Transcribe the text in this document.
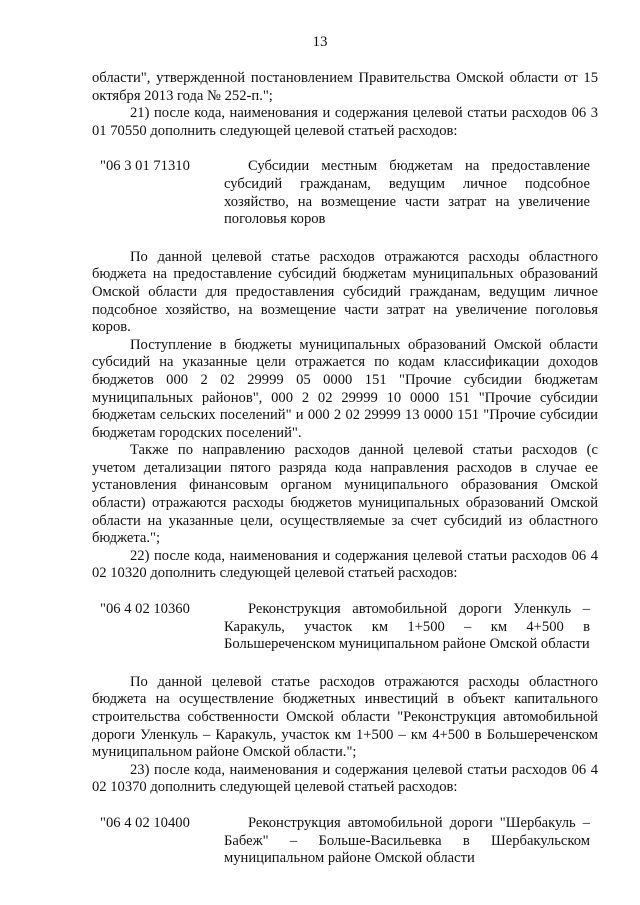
13

области", утвержденной постановлением Правительства Омской области от 15 октября 2013 года № 252-п.";

21) после кода, наименования и содержания целевой статьи расходов 06 3 01 70550 дополнить следующей целевой статьей расходов:

"06 3 01 71310	Субсидии местным бюджетам на предоставление субсидий гражданам, ведущим личное подсобное хозяйство, на возмещение части затрат на увеличение поголовья коров

По данной целевой статье расходов отражаются расходы областного бюджета на предоставление субсидий бюджетам муниципальных образований Омской области для предоставления субсидий гражданам, ведущим личное подсобное хозяйство, на возмещение части затрат на увеличение поголовья коров.

Поступление в бюджеты муниципальных образований Омской области субсидий на указанные цели отражается по кодам классификации доходов бюджетов 000 2 02 29999 05 0000 151 "Прочие субсидии бюджетам муниципальных районов", 000 2 02 29999 10 0000 151 "Прочие субсидии бюджетам сельских поселений" и 000 2 02 29999 13 0000 151 "Прочие субсидии бюджетам городских поселений".

Также по направлению расходов данной целевой статьи расходов (с учетом детализации пятого разряда кода направления расходов в случае ее установления финансовым органом муниципального образования Омской области) отражаются расходы бюджетов муниципальных образований Омской области на указанные цели, осуществляемые за счет субсидий из областного бюджета.";

22) после кода, наименования и содержания целевой статьи расходов 06 4 02 10320 дополнить следующей целевой статьей расходов:

"06 4 02 10360	Реконструкция автомобильной дороги Уленкуль – Каракуль, участок км 1+500 – км 4+500 в Большереченском муниципальном районе Омской области

По данной целевой статье расходов отражаются расходы областного бюджета на осуществление бюджетных инвестиций в объект капитального строительства собственности Омской области "Реконструкция автомобильной дороги Уленкуль – Каракуль, участок км 1+500 – км 4+500 в Большереченском муниципальном районе Омской области.";

23) после кода, наименования и содержания целевой статьи расходов 06 4 02 10370 дополнить следующей целевой статьей расходов:

"06 4 02 10400	Реконструкция автомобильной дороги "Шербакуль – Бабеж" – Больше-Васильевка в Шербакульском муниципальном районе Омской области
